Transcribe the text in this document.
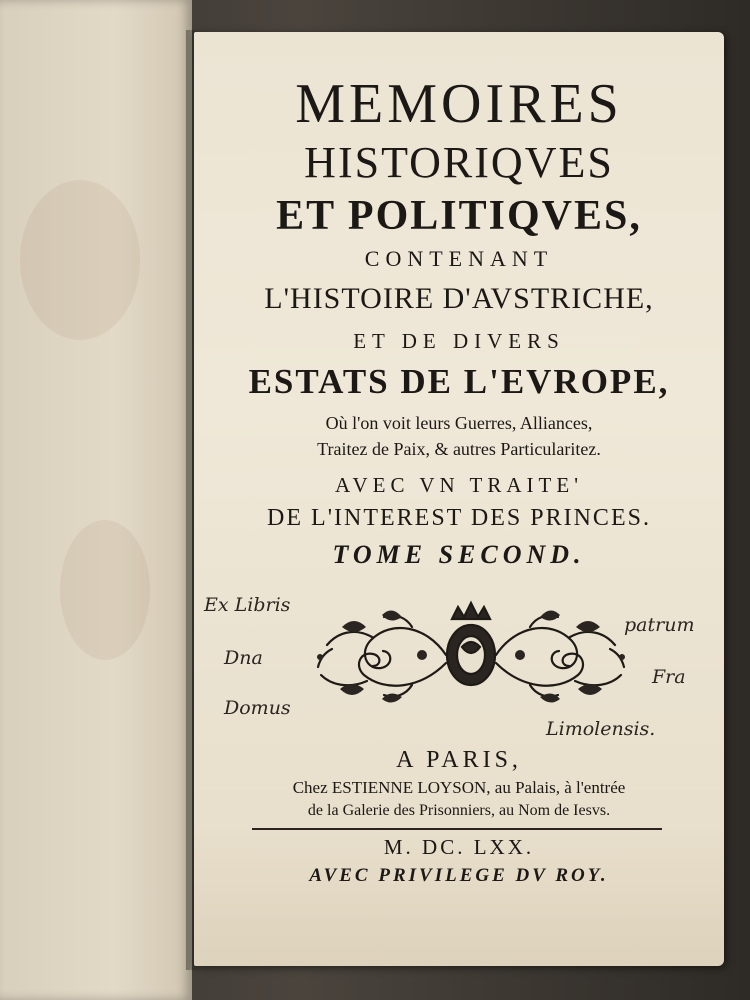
MEMOIRES
HISTORIQVES
ET POLITIQVES,
CONTENANT
L'HISTOIRE D'AVSTRICHE,
ET DE DIVERS
ESTATS DE L'EVROPE,
Où l'on voit leurs Guerres, Alliances,
Traitez de Paix, & autres Particularitez.
AVEC VN TRAITE'
DE L'INTEREST DES PRINCES.
TOME SECOND.
Ex Libris
Dna
Domus
patrum
Fra
Limolensis.
A PARIS,
Chez ESTIENNE LOYSON, au Palais, à l'entrée
de la Galerie des Prisonniers, au Nom de Iesvs.
M. DC. LXX.
AVEC PRIVILEGE DV ROY.
